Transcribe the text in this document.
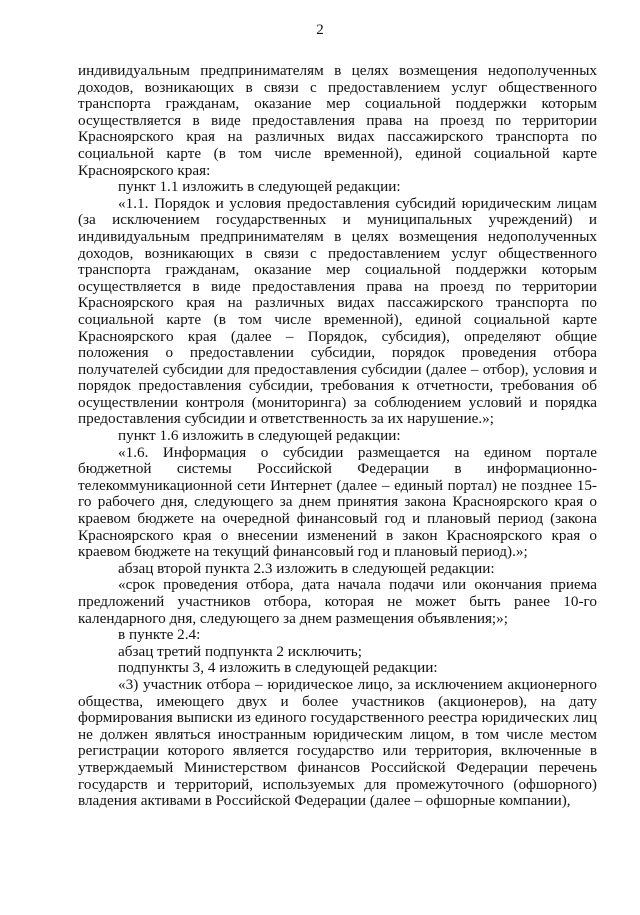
2

индивидуальным предпринимателям в целях возмещения недополученных доходов, возникающих в связи с предоставлением услуг общественного транспорта гражданам, оказание мер социальной поддержки которым осуществляется в виде предоставления права на проезд по территории Красноярского края на различных видах пассажирского транспорта по социальной карте (в том числе временной), единой социальной карте Красноярского края:

пункт 1.1 изложить в следующей редакции:

«1.1. Порядок и условия предоставления субсидий юридическим лицам (за исключением государственных и муниципальных учреждений) и индивидуальным предпринимателям в целях возмещения недополученных доходов, возникающих в связи с предоставлением услуг общественного транспорта гражданам, оказание мер социальной поддержки которым осуществляется в виде предоставления права на проезд по территории Красноярского края на различных видах пассажирского транспорта по социальной карте (в том числе временной), единой социальной карте Красноярского края (далее – Порядок, субсидия), определяют общие положения о предоставлении субсидии, порядок проведения отбора получателей субсидии для предоставления субсидии (далее – отбор), условия и порядок предоставления субсидии, требования к отчетности, требования об осуществлении контроля (мониторинга) за соблюдением условий и порядка предоставления субсидии и ответственность за их нарушение.»;

пункт 1.6 изложить в следующей редакции:

«1.6. Информация о субсидии размещается на едином портале бюджетной системы Российской Федерации в информационно-телекоммуникационной сети Интернет (далее – единый портал) не позднее 15-го рабочего дня, следующего за днем принятия закона Красноярского края о краевом бюджете на очередной финансовый год и плановый период (закона Красноярского края о внесении изменений в закон Красноярского края о краевом бюджете на текущий финансовый год и плановый период).»;

абзац второй пункта 2.3 изложить в следующей редакции:

«срок проведения отбора, дата начала подачи или окончания приема предложений участников отбора, которая не может быть ранее 10-го календарного дня, следующего за днем размещения объявления;»;

в пункте 2.4:

абзац третий подпункта 2 исключить;

подпункты 3, 4 изложить в следующей редакции:

«3) участник отбора – юридическое лицо, за исключением акционерного общества, имеющего двух и более участников (акционеров), на дату формирования выписки из единого государственного реестра юридических лиц не должен являться иностранным юридическим лицом, в том числе местом регистрации которого является государство или территория, включенные в утверждаемый Министерством финансов Российской Федерации перечень государств и территорий, используемых для промежуточного (офшорного) владения активами в Российской Федерации (далее – офшорные компании),
